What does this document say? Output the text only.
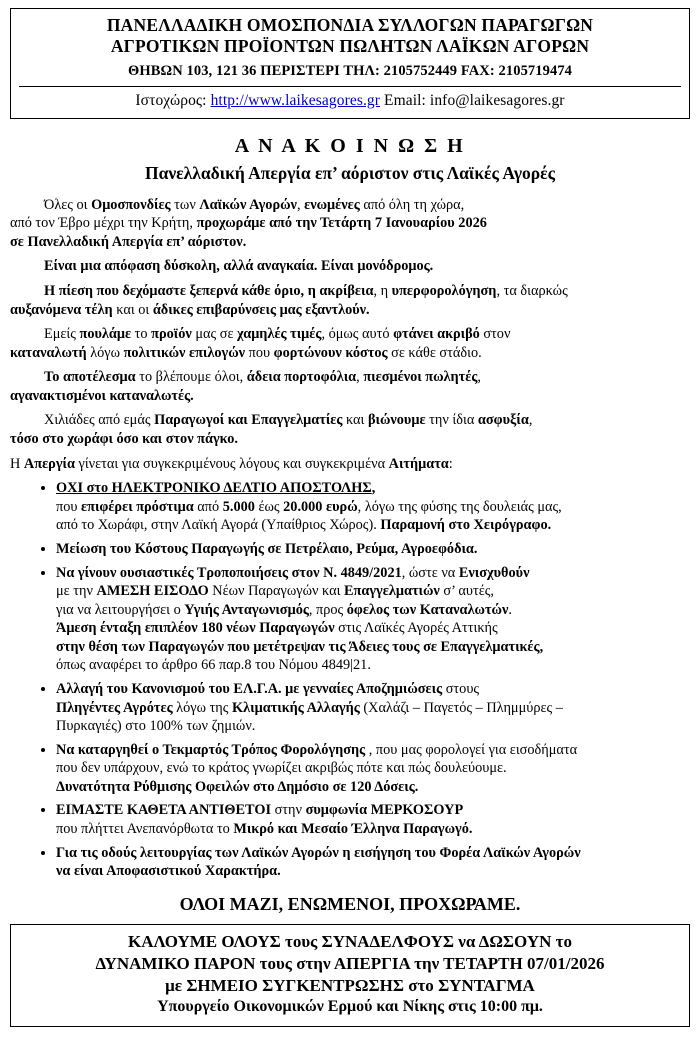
ΠΑΝΕΛΛΑΔΙΚΗ ΟΜΟΣΠΟΝΔΙΑ ΣΥΛΛΟΓΩΝ ΠΑΡΑΓΩΓΩΝ
ΑΓΡΟΤΙΚΩΝ ΠΡΟΪΟΝΤΩΝ ΠΩΛΗΤΩΝ ΛΑΪΚΩΝ ΑΓΟΡΩΝ
ΘΗΒΩΝ 103, 121 36 ΠΕΡΙΣΤΕΡΙ ΤΗΛ: 2105752449 FAX: 2105719474
Ιστοχώρος: http://www.laikesagores.gr Email: info@laikesagores.gr
Α Ν Α Κ Ο Ι Ν Ω Σ Η
Πανελλαδική Απεργία επ’ αόριστον στις Λαϊκές Αγορές

Όλες οι Ομοσπονδίες των Λαϊκών Αγορών, ενωμένες από όλη τη χώρα,
από τον Έβρο μέχρι την Κρήτη, προχωράμε από την Τετάρτη 7 Ιανουαρίου 2026
σε Πανελλαδική Απεργία επ’ αόριστον.

Είναι μια απόφαση δύσκολη, αλλά αναγκαία. Είναι μονόδρομος.

Η πίεση που δεχόμαστε ξεπερνά κάθε όριο, η ακρίβεια, η υπερφορολόγηση, τα διαρκώς
αυξανόμενα τέλη και οι άδικες επιβαρύνσεις μας εξαντλούν.

Εμείς πουλάμε το προϊόν μας σε χαμηλές τιμές, όμως αυτό φτάνει ακριβό στον
καταναλωτή λόγω πολιτικών επιλογών που φορτώνουν κόστος σε κάθε στάδιο.

Το αποτέλεσμα το βλέπουμε όλοι, άδεια πορτοφόλια, πιεσμένοι πωλητές,
αγανακτισμένοι καταναλωτές.

Χιλιάδες από εμάς Παραγωγοί και Επαγγελματίες και βιώνουμε την ίδια ασφυξία,
τόσο στο χωράφι όσο και στον πάγκο.

Η Απεργία γίνεται για συγκεκριμένους λόγους και συγκεκριμένα Αιτήματα:

• ΟΧΙ στο ΗΛΕΚΤΡΟΝΙΚΟ ΔΕΛΤΙΟ ΑΠΟΣΤΟΛΗΣ,
που επιφέρει πρόστιμα από 5.000 έως 20.000 ευρώ, λόγω της φύσης της δουλειάς μας,
από το Χωράφι, στην Λαϊκή Αγορά (Υπαίθριος Χώρος). Παραμονή στο Χειρόγραφο.
• Μείωση του Κόστους Παραγωγής σε Πετρέλαιο, Ρεύμα, Αγροεφόδια.
• Να γίνουν ουσιαστικές Τροποποιήσεις στον Ν. 4849/2021, ώστε να Ενισχυθούν
με την ΑΜΕΣΗ ΕΙΣΟΔΟ Νέων Παραγωγών και Επαγγελματιών σ’ αυτές,
για να λειτουργήσει ο Υγιής Ανταγωνισμός, προς όφελος των Καταναλωτών.
Άμεση ένταξη επιπλέον 180 νέων Παραγωγών στις Λαϊκές Αγορές Αττικής
στην θέση των Παραγωγών που μετέτρεψαν τις Άδειες τους σε Επαγγελματικές,
όπως αναφέρει το άρθρο 66 παρ.8 του Νόμου 4849|21.
• Αλλαγή του Κανονισμού του ΕΛ.Γ.Α. με γενναίες Αποζημιώσεις στους
Πληγέντες Αγρότες λόγω της Κλιματικής Αλλαγής (Χαλάζι – Παγετός – Πλημμύρες –
Πυρκαγιές) στο 100% των ζημιών.
• Να καταργηθεί ο Τεκμαρτός Τρόπος Φορολόγησης , που μας φορολογεί για εισοδήματα
που δεν υπάρχουν, ενώ το κράτος γνωρίζει ακριβώς πότε και πώς δουλεύουμε.
Δυνατότητα Ρύθμισης Οφειλών στο Δημόσιο σε 120 Δόσεις.
• ΕΙΜΑΣΤΕ ΚΑΘΕΤΑ ΑΝΤΙΘΕΤΟΙ στην συμφωνία ΜΕΡΚΟΣΟΥΡ
που πλήττει Ανεπανόρθωτα το Μικρό και Μεσαίο Έλληνα Παραγωγό.
• Για τις οδούς λειτουργίας των Λαϊκών Αγορών η εισήγηση του Φορέα Λαϊκών Αγορών
να είναι Αποφασιστικού Χαρακτήρα.
ΟΛΟΙ ΜΑΖΙ, ΕΝΩΜΕΝΟΙ, ΠΡΟΧΩΡΑΜΕ.
ΚΑΛΟΥΜΕ ΟΛΟΥΣ τους ΣΥΝΑΔΕΛΦΟΥΣ να ΔΩΣΟΥΝ το
ΔΥΝΑΜΙΚΟ ΠΑΡΟΝ τους στην ΑΠΕΡΓΙΑ την ΤΕΤΑΡΤΗ 07/01/2026
με ΣΗΜΕΙΟ ΣΥΓΚΕΝΤΡΩΣΗΣ στο ΣΥΝΤΑΓΜΑ
Υπουργείο Οικονομικών Ερμού και Νίκης στις 10:00 πμ.
